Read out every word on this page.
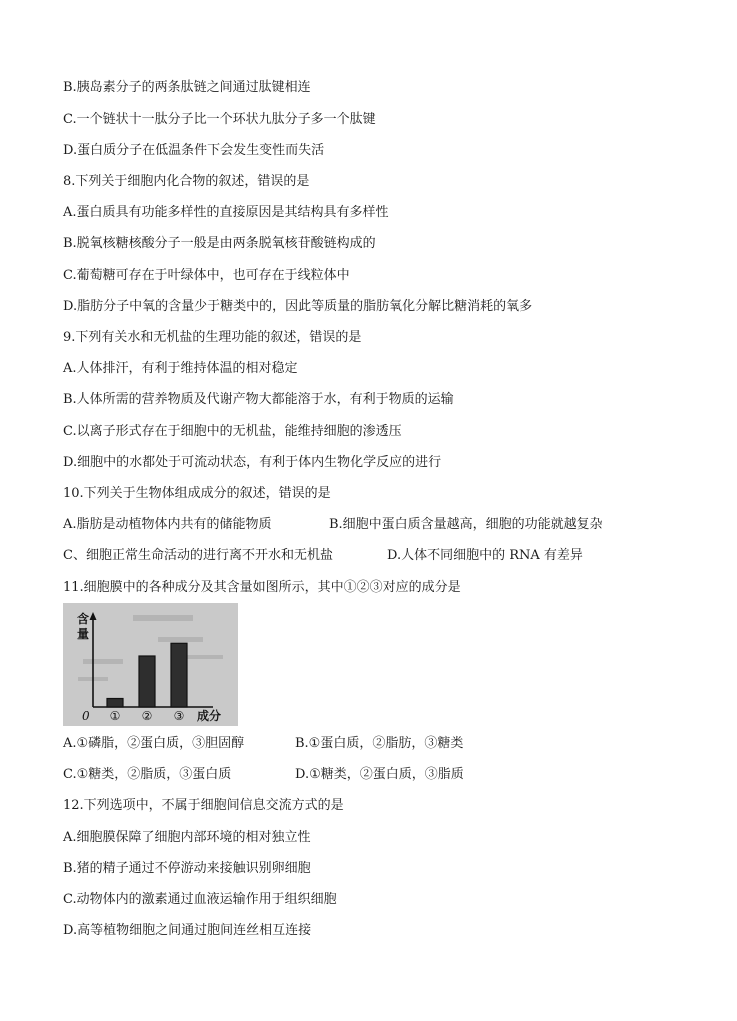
B.胰岛素分子的两条肽链之间通过肽键相连
C.一个链状十一肽分子比一个环状九肽分子多一个肽键
D.蛋白质分子在低温条件下会发生变性而失活
8.下列关于细胞内化合物的叙述，错误的是
A.蛋白质具有功能多样性的直接原因是其结构具有多样性
B.脱氧核糖核酸分子一般是由两条脱氧核苷酸链构成的
C.葡萄糖可存在于叶绿体中，也可存在于线粒体中
D.脂肪分子中氧的含量少于糖类中的，因此等质量的脂肪氧化分解比糖消耗的氧多
9.下列有关水和无机盐的生理功能的叙述，错误的是
A.人体排汗，有利于维持体温的相对稳定
B.人体所需的营养物质及代谢产物大都能溶于水，有利于物质的运输
C.以离子形式存在于细胞中的无机盐，能维持细胞的渗透压
D.细胞中的水都处于可流动状态，有利于体内生物化学反应的进行
10.下列关于生物体组成成分的叙述，错误的是
A.脂肪是动植物体内共有的储能物质	B.细胞中蛋白质含量越高，细胞的功能就越复杂
C、细胞正常生命活动的进行离不开水和无机盐	D.人体不同细胞中的 RNA 有差异
11.细胞膜中的各种成分及其含量如图所示，其中①②③对应的成分是
含
量
0	成分
① ② ③
A.①磷脂，②蛋白质，③胆固醇	B.①蛋白质，②脂肪，③糖类
C.①糖类，②脂质，③蛋白质	D.①糖类，②蛋白质，③脂质
12.下列选项中，不属于细胞间信息交流方式的是
A.细胞膜保障了细胞内部环境的相对独立性
B.猪的精子通过不停游动来接触识别卵细胞
C.动物体内的激素通过血液运输作用于组织细胞
D.高等植物细胞之间通过胞间连丝相互连接
